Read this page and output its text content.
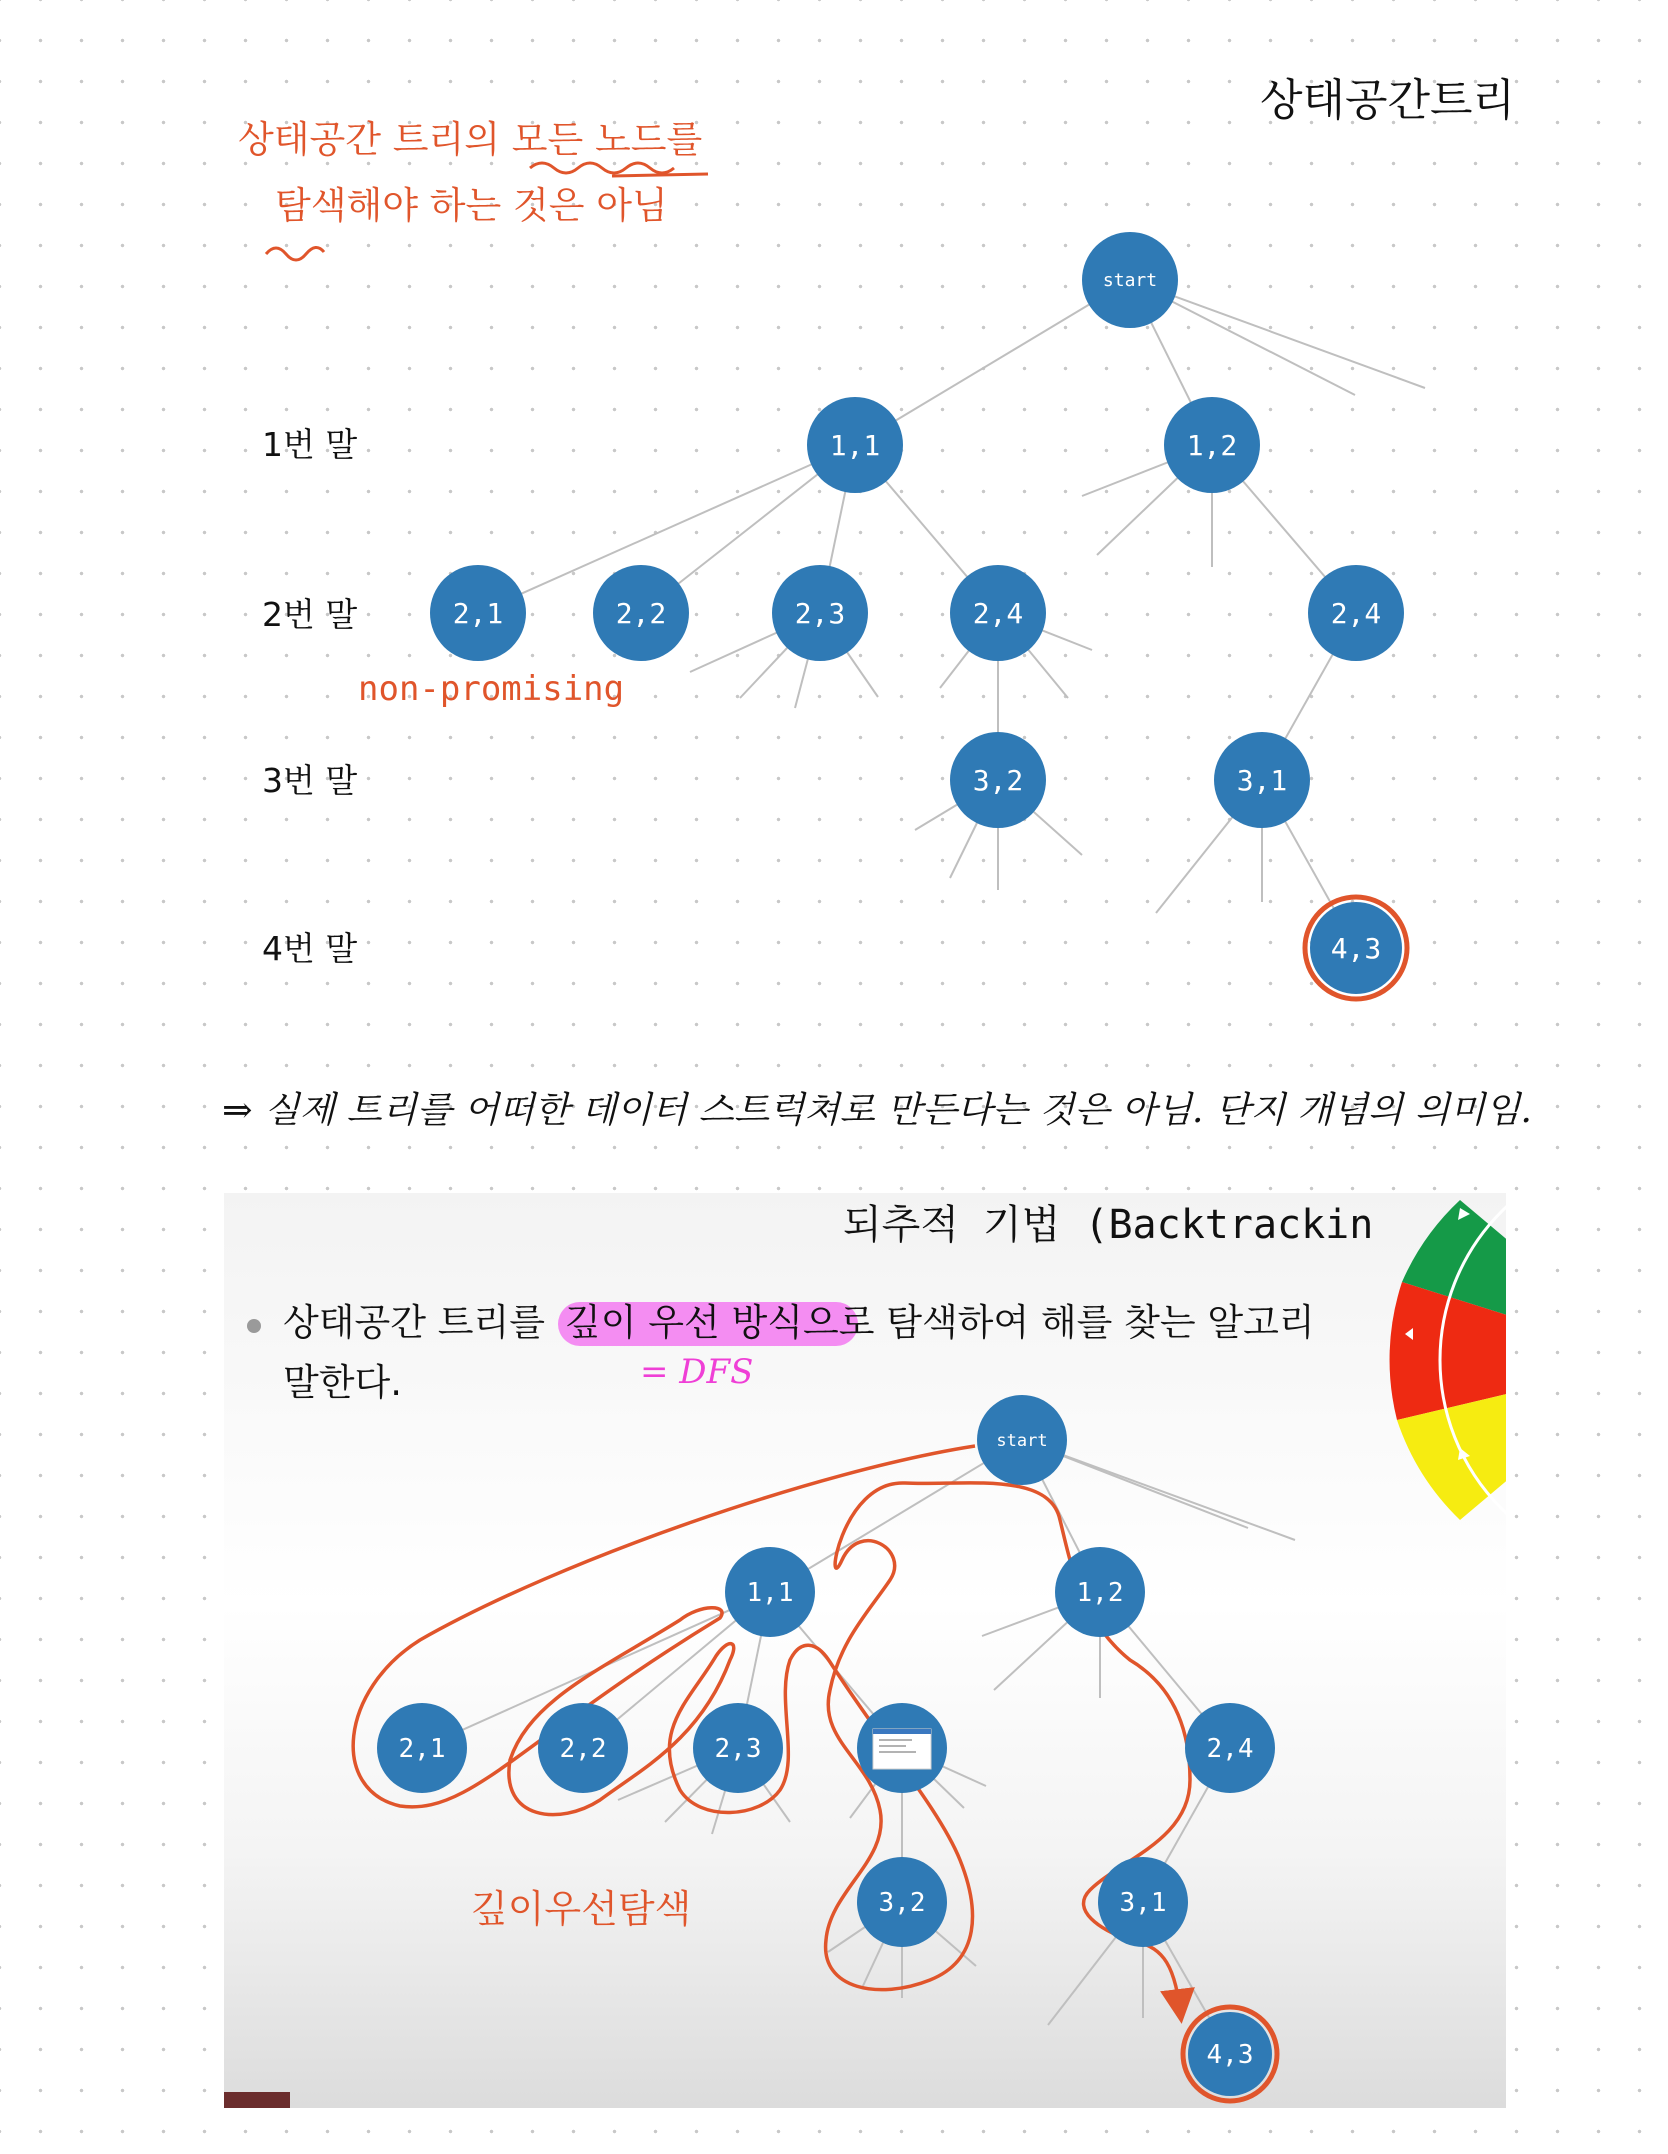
상태공간트리
상태공간 트리의 모든 노드를
탐색해야 하는 것은 아님
1번 말
2번 말
3번 말
4번 말
non-promising
start
1,1	1,2
2,1	2,2	2,3	2,4	2,4
3,2	3,1
4,3
⇒ 실제 트리를 어떠한 데이터 스트럭쳐로 만든다는 것은 아님. 단지 개념의 의미임.
되추적 기법 (Backtrackin
상태공간 트리를 깊이 우선 방식으로 탐색하여 해를 찾는 알고리
말한다.	= DFS
깊이우선탐색
start
1,1	1,2
2,1	2,2	2,3	2,4
3,2	3,1
4,3
